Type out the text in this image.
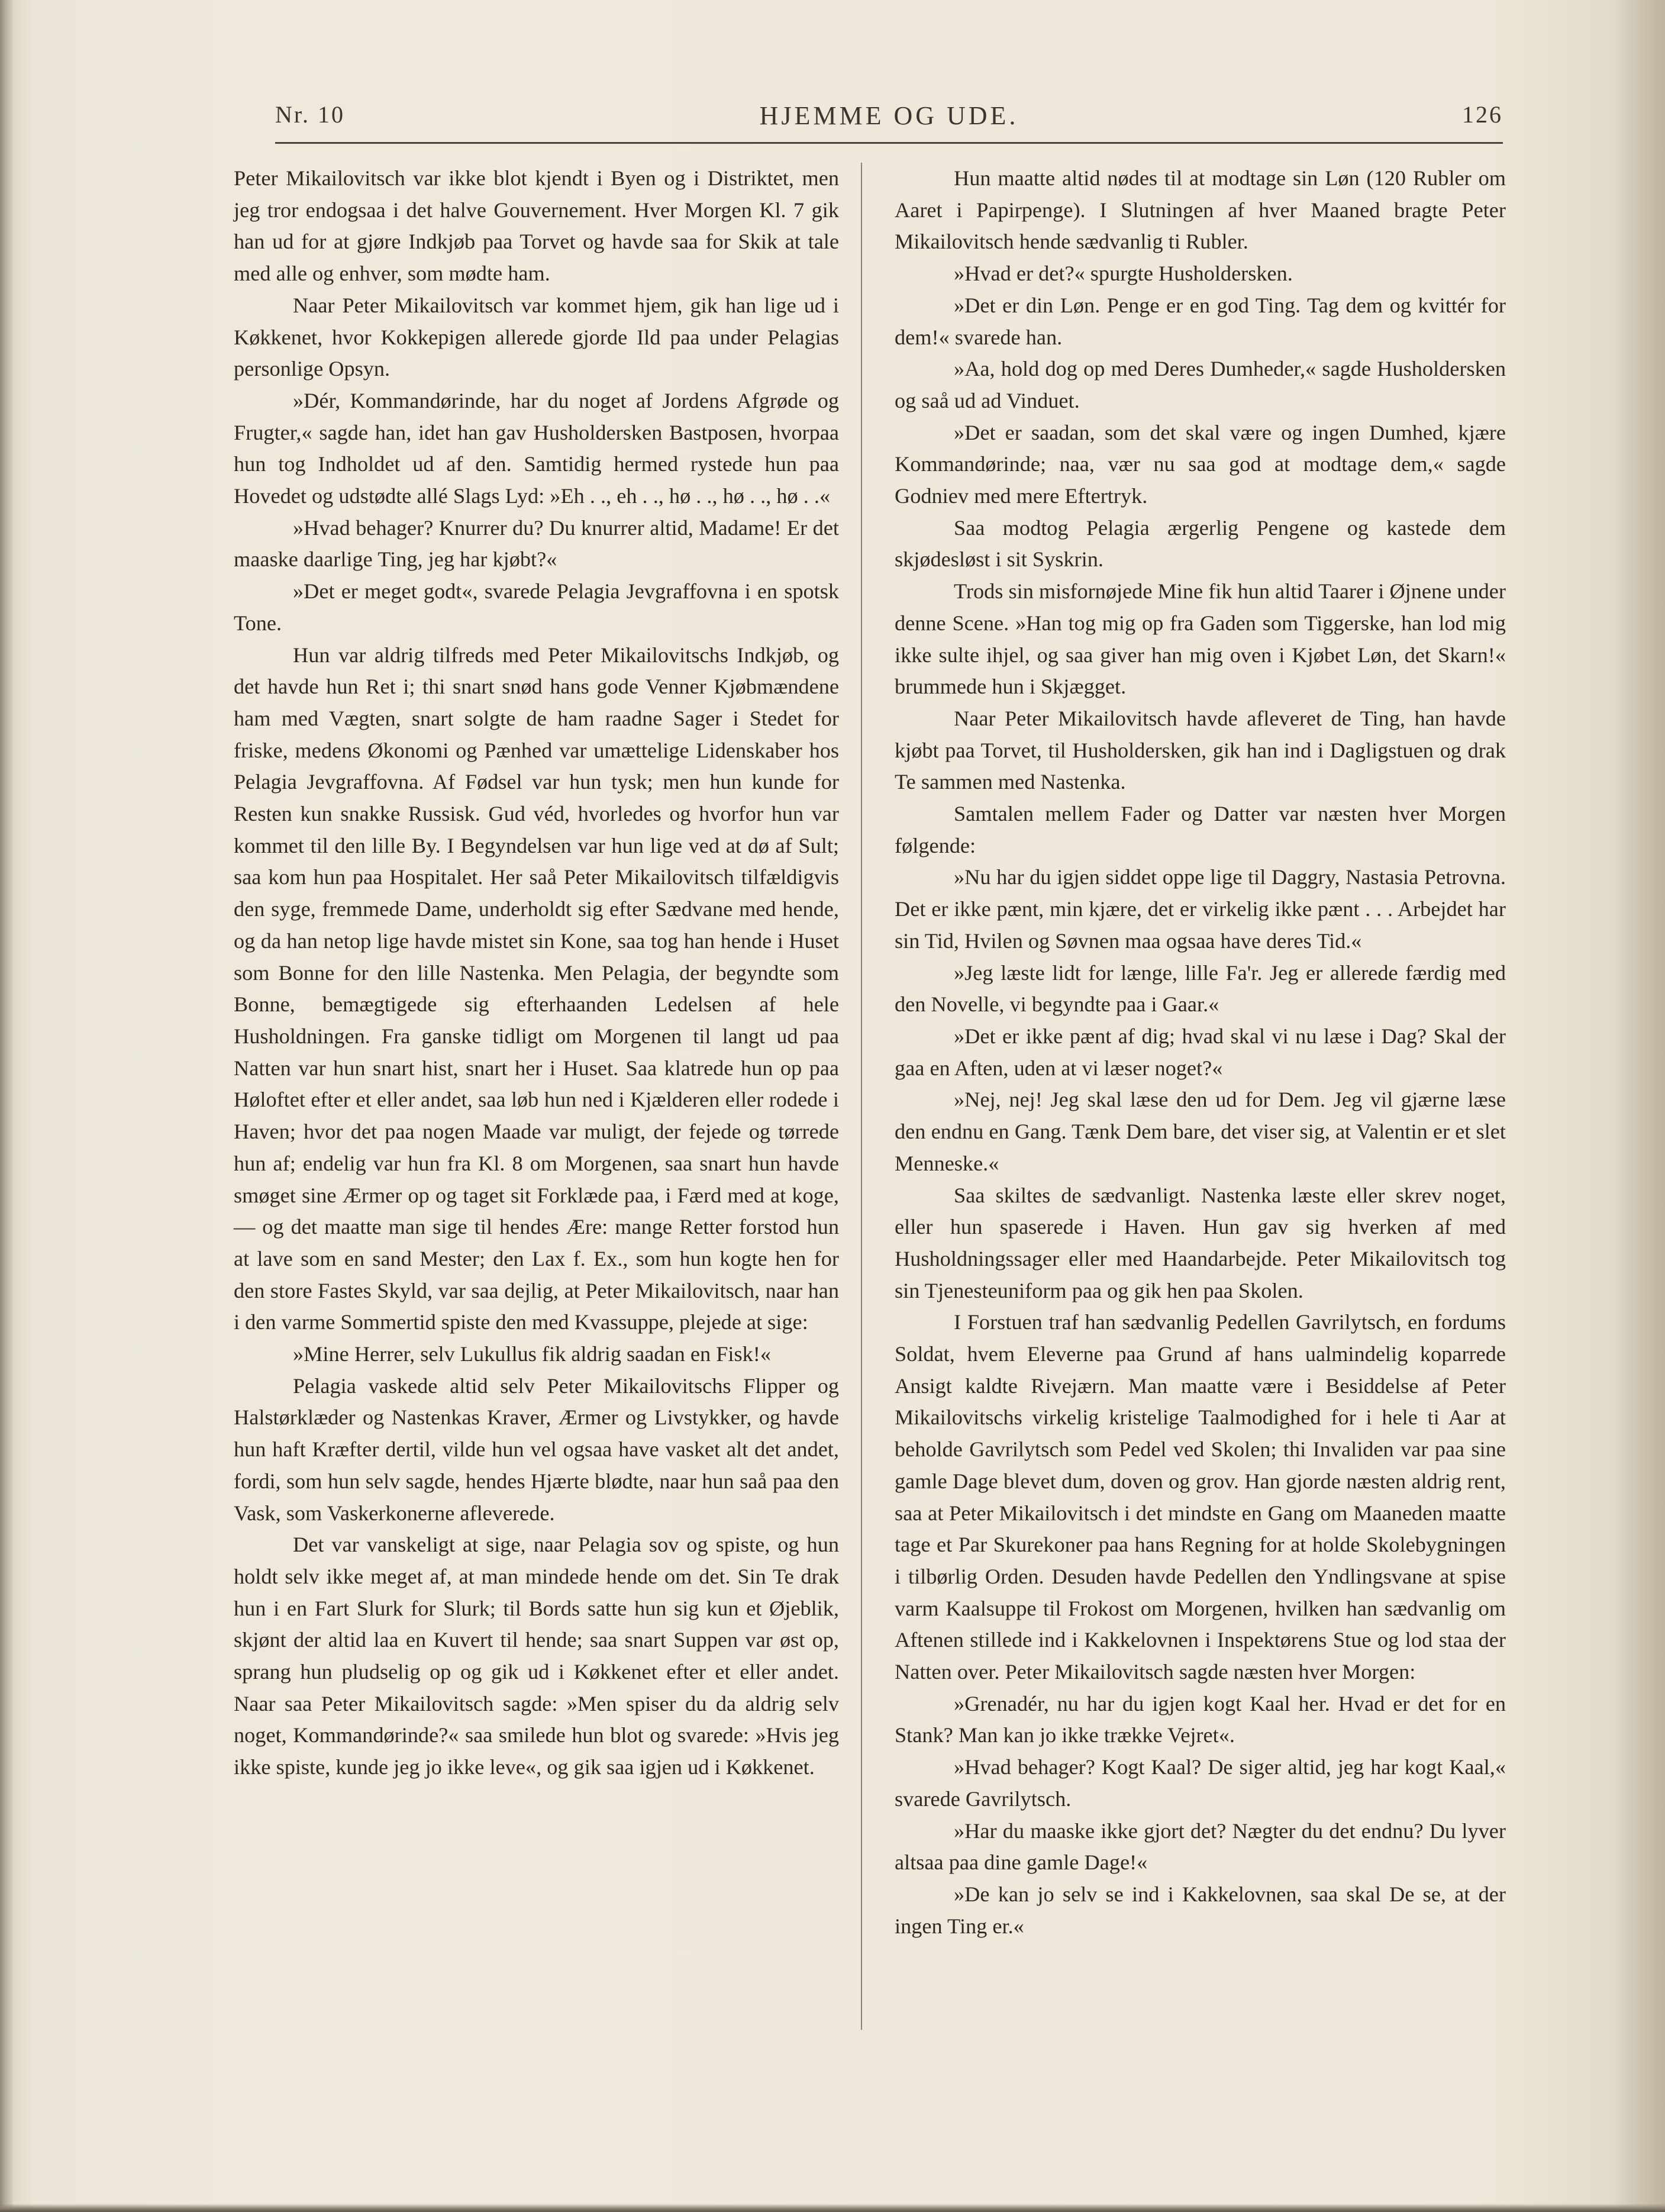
HJEMME OG UDE.
Nr. 10	126

Peter Mikailovitsch var ikke blot kjendt i Byen og i Distriktet, men jeg tror endogsaa i det halve Gouvernement. Hver Morgen Kl. 7 gik han ud for at gjøre Indkjøb paa Torvet og havde saa for Skik at tale med alle og enhver, som mødte ham.

Naar Peter Mikailovitsch var kommet hjem, gik han lige ud i Køkkenet, hvor Kokkepigen allerede gjorde Ild paa under Pelagias personlige Opsyn.

»Dér, Kommandørinde, har du noget af Jordens Afgrøde og Frugter,« sagde han, idet han gav Husholdersken Bastposen, hvorpaa hun tog Indholdet ud af den. Samtidig hermed rystede hun paa Hovedet og udstødte allé Slags Lyd: »Eh . ., eh . ., hø . ., hø . ., hø . .«

»Hvad behager? Knurrer du? Du knurrer altid, Madame! Er det maaske daarlige Ting, jeg har kjøbt?«

»Det er meget godt«, svarede Pelagia Jevgraffovna i en spotsk Tone.

Hun var aldrig tilfreds med Peter Mikailovitschs Indkjøb, og det havde hun Ret i; thi snart snød hans gode Venner Kjøbmændene ham med Vægten, snart solgte de ham raadne Sager i Stedet for friske, medens Økonomi og Pænhed var umættelige Lidenskaber hos Pelagia Jevgraffovna. Af Fødsel var hun tysk; men hun kunde for Resten kun snakke Russisk. Gud véd, hvorledes og hvorfor hun var kommet til den lille By. I Begyndelsen var hun lige ved at dø af Sult; saa kom hun paa Hospitalet. Her saå Peter Mikailovitsch tilfældigvis den syge, fremmede Dame, underholdt sig efter Sædvane med hende, og da han netop lige havde mistet sin Kone, saa tog han hende i Huset som Bonne for den lille Nastenka. Men Pelagia, der begyndte som Bonne, bemægtigede sig efterhaanden Ledelsen af hele Husholdningen. Fra ganske tidligt om Morgenen til langt ud paa Natten var hun snart hist, snart her i Huset. Saa klatrede hun op paa Høloftet efter et eller andet, saa løb hun ned i Kjælderen eller rodede i Haven; hvor det paa nogen Maade var muligt, der fejede og tørrede hun af; endelig var hun fra Kl. 8 om Morgenen, saa snart hun havde smøget sine Ærmer op og taget sit Forklæde paa, i Færd med at koge, — og det maatte man sige til hendes Ære: mange Retter forstod hun at lave som en sand Mester; den Lax f. Ex., som hun kogte hen for den store Fastes Skyld, var saa dejlig, at Peter Mikailovitsch, naar han i den varme Sommertid spiste den med Kvassuppe, plejede at sige:

»Mine Herrer, selv Lukullus fik aldrig saadan en Fisk!«

Pelagia vaskede altid selv Peter Mikailovitschs Flipper og Halstørklæder og Nastenkas Kraver, Ærmer og Livstykker, og havde hun haft Kræfter dertil, vilde hun vel ogsaa have vasket alt det andet, fordi, som hun selv sagde, hendes Hjærte blødte, naar hun saå paa den Vask, som Vaskerkonerne afleverede.

Det var vanskeligt at sige, naar Pelagia sov og spiste, og hun holdt selv ikke meget af, at man mindede hende om det. Sin Te drak hun i en Fart Slurk for Slurk; til Bords satte hun sig kun et Øjeblik, skjønt der altid laa en Kuvert til hende; saa snart Suppen var øst op, sprang hun pludselig op og gik ud i Køkkenet efter et eller andet. Naar saa Peter Mikailovitsch sagde: »Men spiser du da aldrig selv noget, Kommandørinde?« saa smilede hun blot og svarede: »Hvis jeg ikke spiste, kunde jeg jo ikke leve«, og gik saa igjen ud i Køkkenet.

Hun maatte altid nødes til at modtage sin Løn (120 Rubler om Aaret i Papirpenge). I Slutningen af hver Maaned bragte Peter Mikailovitsch hende sædvanlig ti Rubler.

»Hvad er det?« spurgte Husholdersken.

»Det er din Løn. Penge er en god Ting. Tag dem og kvittér for dem!« svarede han.

»Aa, hold dog op med Deres Dumheder,« sagde Husholdersken og saå ud ad Vinduet.

»Det er saadan, som det skal være og ingen Dumhed, kjære Kommandørinde; naa, vær nu saa god at modtage dem,« sagde Godniev med mere Eftertryk.

Saa modtog Pelagia ærgerlig Pengene og kastede dem skjødesløst i sit Syskrin.

Trods sin misfornøjede Mine fik hun altid Taarer i Øjnene under denne Scene. »Han tog mig op fra Gaden som Tiggerske, han lod mig ikke sulte ihjel, og saa giver han mig oven i Kjøbet Løn, det Skarn!« brummede hun i Skjægget.

Naar Peter Mikailovitsch havde afleveret de Ting, han havde kjøbt paa Torvet, til Husholdersken, gik han ind i Dagligstuen og drak Te sammen med Nastenka.

Samtalen mellem Fader og Datter var næsten hver Morgen følgende:

»Nu har du igjen siddet oppe lige til Daggry, Nastasia Petrovna. Det er ikke pænt, min kjære, det er virkelig ikke pænt . . . Arbejdet har sin Tid, Hvilen og Søvnen maa ogsaa have deres Tid.«

»Jeg læste lidt for længe, lille Fa'r. Jeg er allerede færdig med den Novelle, vi begyndte paa i Gaar.«

»Det er ikke pænt af dig; hvad skal vi nu læse i Dag? Skal der gaa en Aften, uden at vi læser noget?«

»Nej, nej! Jeg skal læse den ud for Dem. Jeg vil gjærne læse den endnu en Gang. Tænk Dem bare, det viser sig, at Valentin er et slet Menneske.«

Saa skiltes de sædvanligt. Nastenka læste eller skrev noget, eller hun spaserede i Haven. Hun gav sig hverken af med Husholdningssager eller med Haandarbejde. Peter Mikailovitsch tog sin Tjenesteuniform paa og gik hen paa Skolen.

I Forstuen traf han sædvanlig Pedellen Gavrilytsch, en fordums Soldat, hvem Eleverne paa Grund af hans ualmindelig koparrede Ansigt kaldte Rivejærn. Man maatte være i Besiddelse af Peter Mikailovitschs virkelig kristelige Taalmodighed for i hele ti Aar at beholde Gavrilytsch som Pedel ved Skolen; thi Invaliden var paa sine gamle Dage blevet dum, doven og grov. Han gjorde næsten aldrig rent, saa at Peter Mikailovitsch i det mindste en Gang om Maaneden maatte tage et Par Skurekoner paa hans Regning for at holde Skolebygningen i tilbørlig Orden. Desuden havde Pedellen den Yndlingsvane at spise varm Kaalsuppe til Frokost om Morgenen, hvilken han sædvanlig om Aftenen stillede ind i Kakkelovnen i Inspektørens Stue og lod staa der Natten over. Peter Mikailovitsch sagde næsten hver Morgen:

»Grenadér, nu har du igjen kogt Kaal her. Hvad er det for en Stank? Man kan jo ikke trække Vejret«.

»Hvad behager? Kogt Kaal? De siger altid, jeg har kogt Kaal,« svarede Gavrilytsch.

»Har du maaske ikke gjort det? Nægter du det endnu? Du lyver altsaa paa dine gamle Dage!«

»De kan jo selv se ind i Kakkelovnen, saa skal De se, at der ingen Ting er.«
